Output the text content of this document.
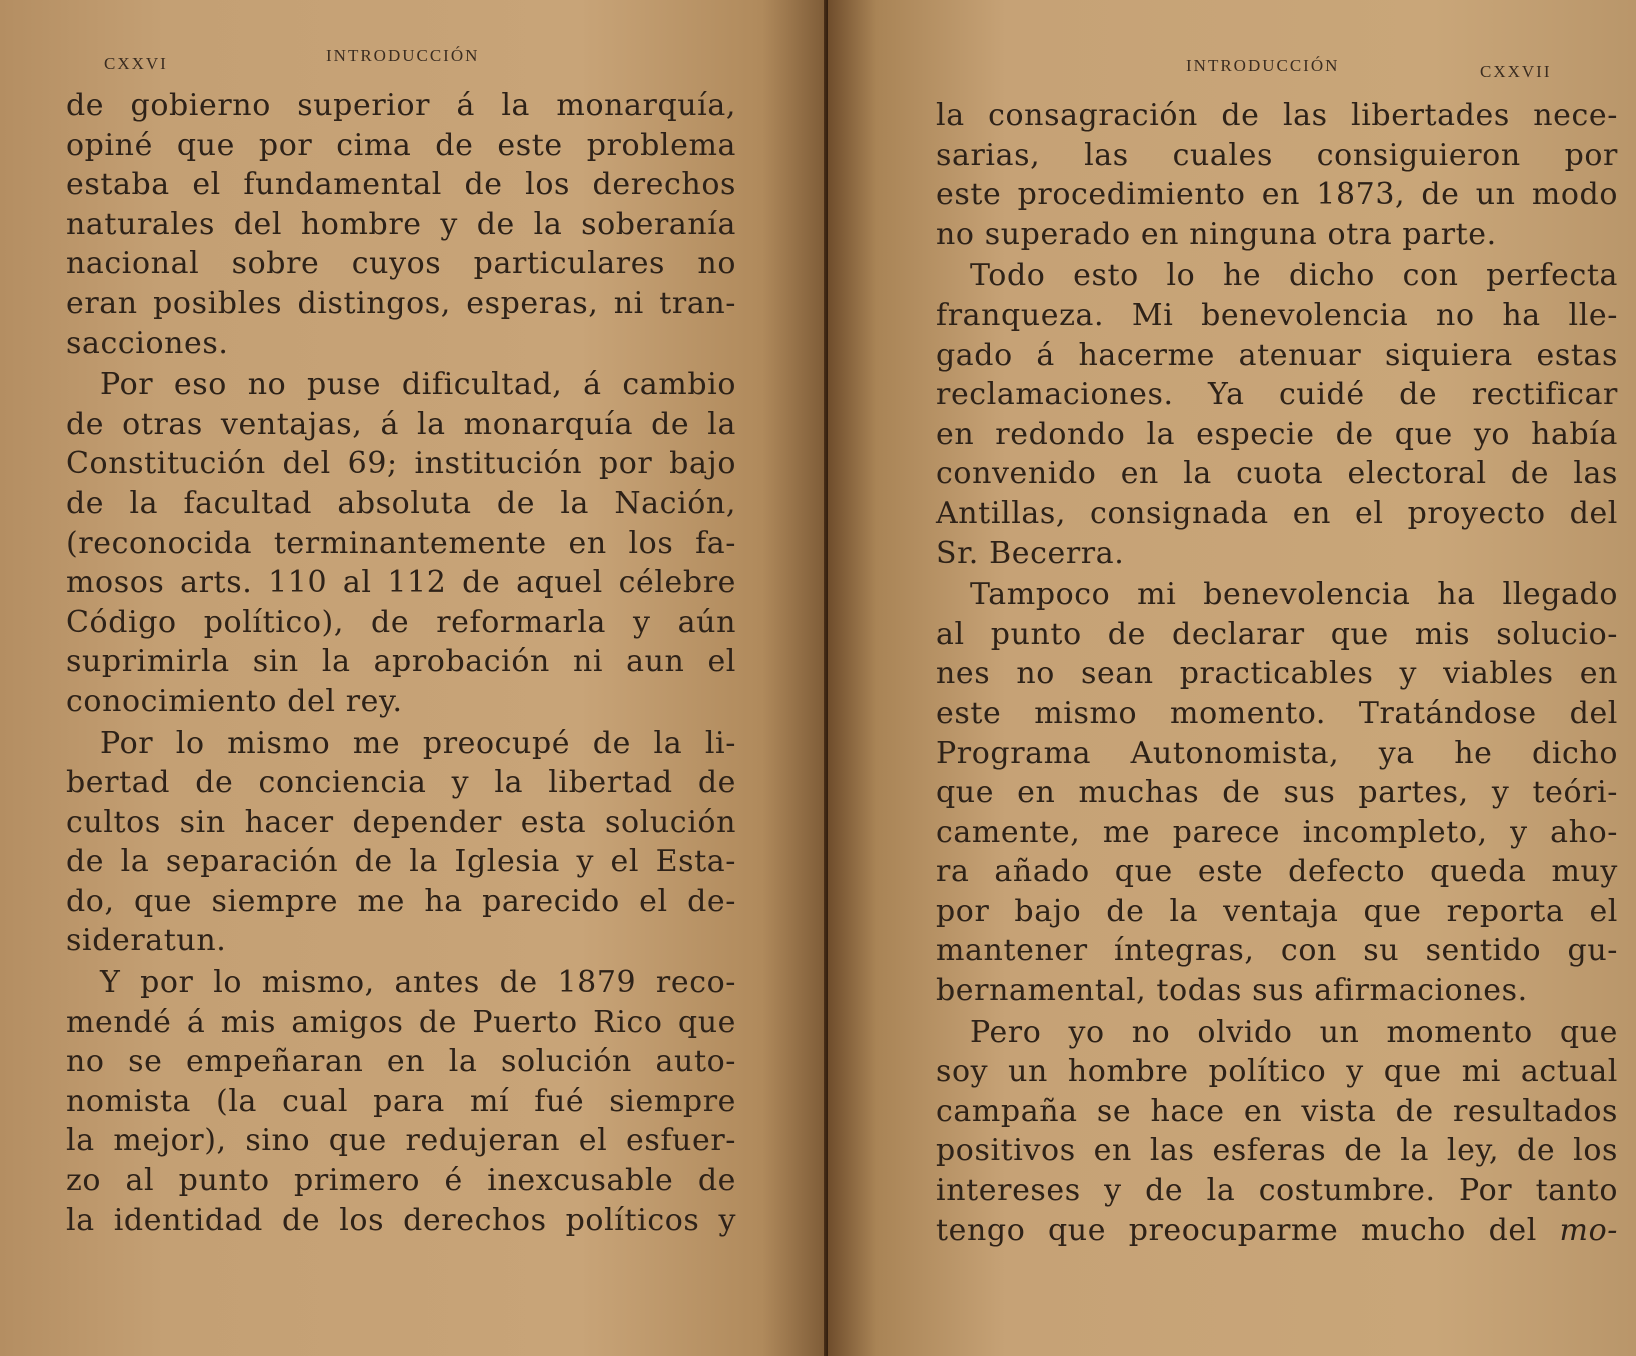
CXXVI	INTRODUCCIÓN
de gobierno superior á la monarquía,
opiné que por cima de este problema
estaba el fundamental de los derechos
naturales del hombre y de la soberanía
nacional sobre cuyos particulares no
eran posibles distingos, esperas, ni tran-
sacciones.
Por eso no puse dificultad, á cambio
de otras ventajas, á la monarquía de la
Constitución del 69; institución por bajo
de la facultad absoluta de la Nación,
(reconocida terminantemente en los fa-
mosos arts. 110 al 112 de aquel célebre
Código político), de reformarla y aún
suprimirla sin la aprobación ni aun el
conocimiento del rey.
Por lo mismo me preocupé de la li-
bertad de conciencia y la libertad de
cultos sin hacer depender esta solución
de la separación de la Iglesia y el Esta-
do, que siempre me ha parecido el de-
sideratun.
Y por lo mismo, antes de 1879 reco-
mendé á mis amigos de Puerto Rico que
no se empeñaran en la solución auto-
nomista (la cual para mí fué siempre
la mejor), sino que redujeran el esfuer-
zo al punto primero é inexcusable de
la identidad de los derechos políticos y
INTRODUCCIÓN	CXXVII
la consagración de las libertades nece-
sarias, las cuales consiguieron por
este procedimiento en 1873, de un modo
no superado en ninguna otra parte.
Todo esto lo he dicho con perfecta
franqueza. Mi benevolencia no ha lle-
gado á hacerme atenuar siquiera estas
reclamaciones. Ya cuidé de rectificar
en redondo la especie de que yo había
convenido en la cuota electoral de las
Antillas, consignada en el proyecto del
Sr. Becerra.
Tampoco mi benevolencia ha llegado
al punto de declarar que mis solucio-
nes no sean practicables y viables en
este mismo momento. Tratándose del
Programa Autonomista, ya he dicho
que en muchas de sus partes, y teóri-
camente, me parece incompleto, y aho-
ra añado que este defecto queda muy
por bajo de la ventaja que reporta el
mantener íntegras, con su sentido gu-
bernamental, todas sus afirmaciones.
Pero yo no olvido un momento que
soy un hombre político y que mi actual
campaña se hace en vista de resultados
positivos en las esferas de la ley, de los
intereses y de la costumbre. Por tanto
tengo que preocuparme mucho del mo-
